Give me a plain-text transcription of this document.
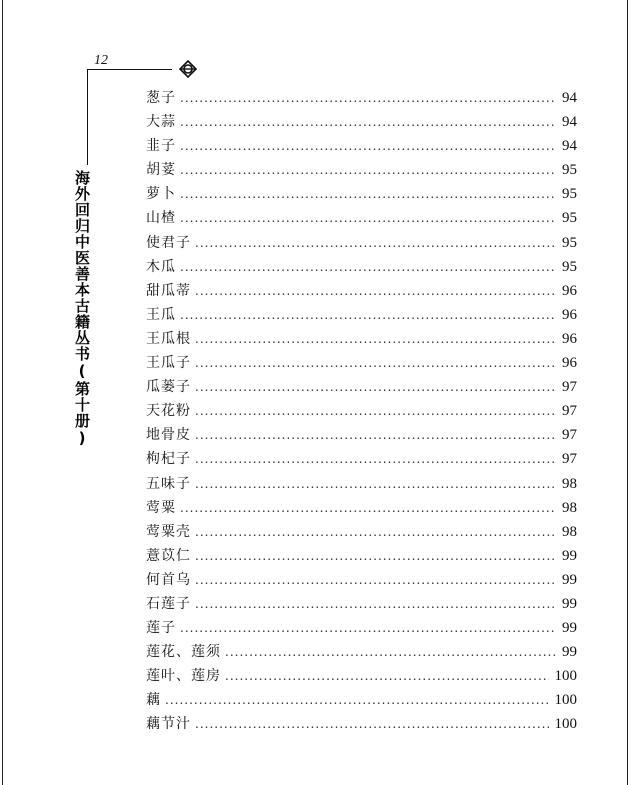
12
海外回归中医善本古籍丛书(第十册)
葱子 .....	94
大蒜 .....	94
韭子 .....	94
胡荽 .....	95
萝卜 .....	95
山楂 .....	95
使君子 .....	95
木瓜 .....	95
甜瓜蒂 .....	96
王瓜 .....	96
王瓜根 .....	96
王瓜子 .....	96
瓜蒌子 .....	97
天花粉 .....	97
地骨皮 .....	97
枸杞子 .....	97
五味子 .....	98
莺粟 .....	98
莺粟壳 .....	98
薏苡仁 .....	99
何首乌 .....	99
石莲子 .....	99
莲子 .....	99
莲花、莲须 .....	99
莲叶、莲房 .....	100
藕 .....	100
藕节汁 .....	100
